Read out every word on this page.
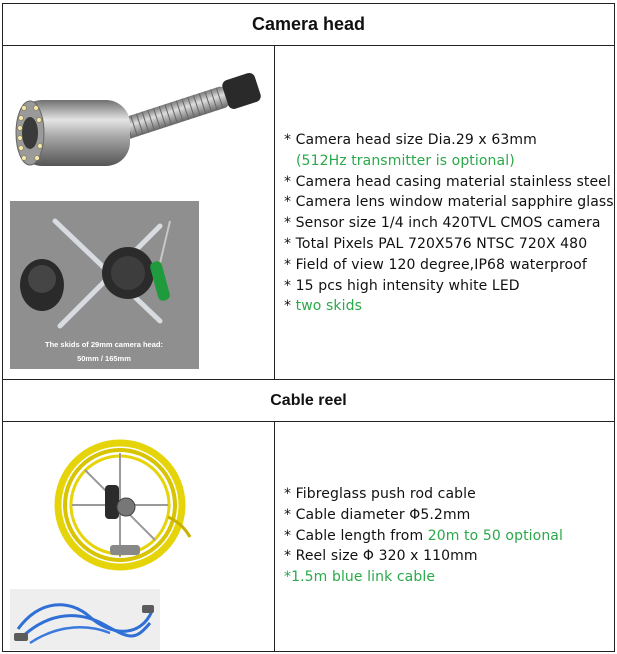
Camera head
The skids of 29mm camera head:
50mm / 165mm
* Camera head size Dia.29 x 63mm
(512Hz transmitter is optional)
* Camera head casing material stainless steel
* Camera lens window material sapphire glass
* Sensor size 1/4 inch 420TVL CMOS camera
* Total Pixels PAL 720X576 NTSC 720X 480
* Field of view 120 degree,IP68 waterproof
* 15 pcs high intensity white LED
* two skids
Cable reel
* Fibreglass push rod cable
* Cable diameter Φ5.2mm
* Cable length from 20m to 50 optional
* Reel size Φ 320 x 110mm
*1.5m blue link cable
